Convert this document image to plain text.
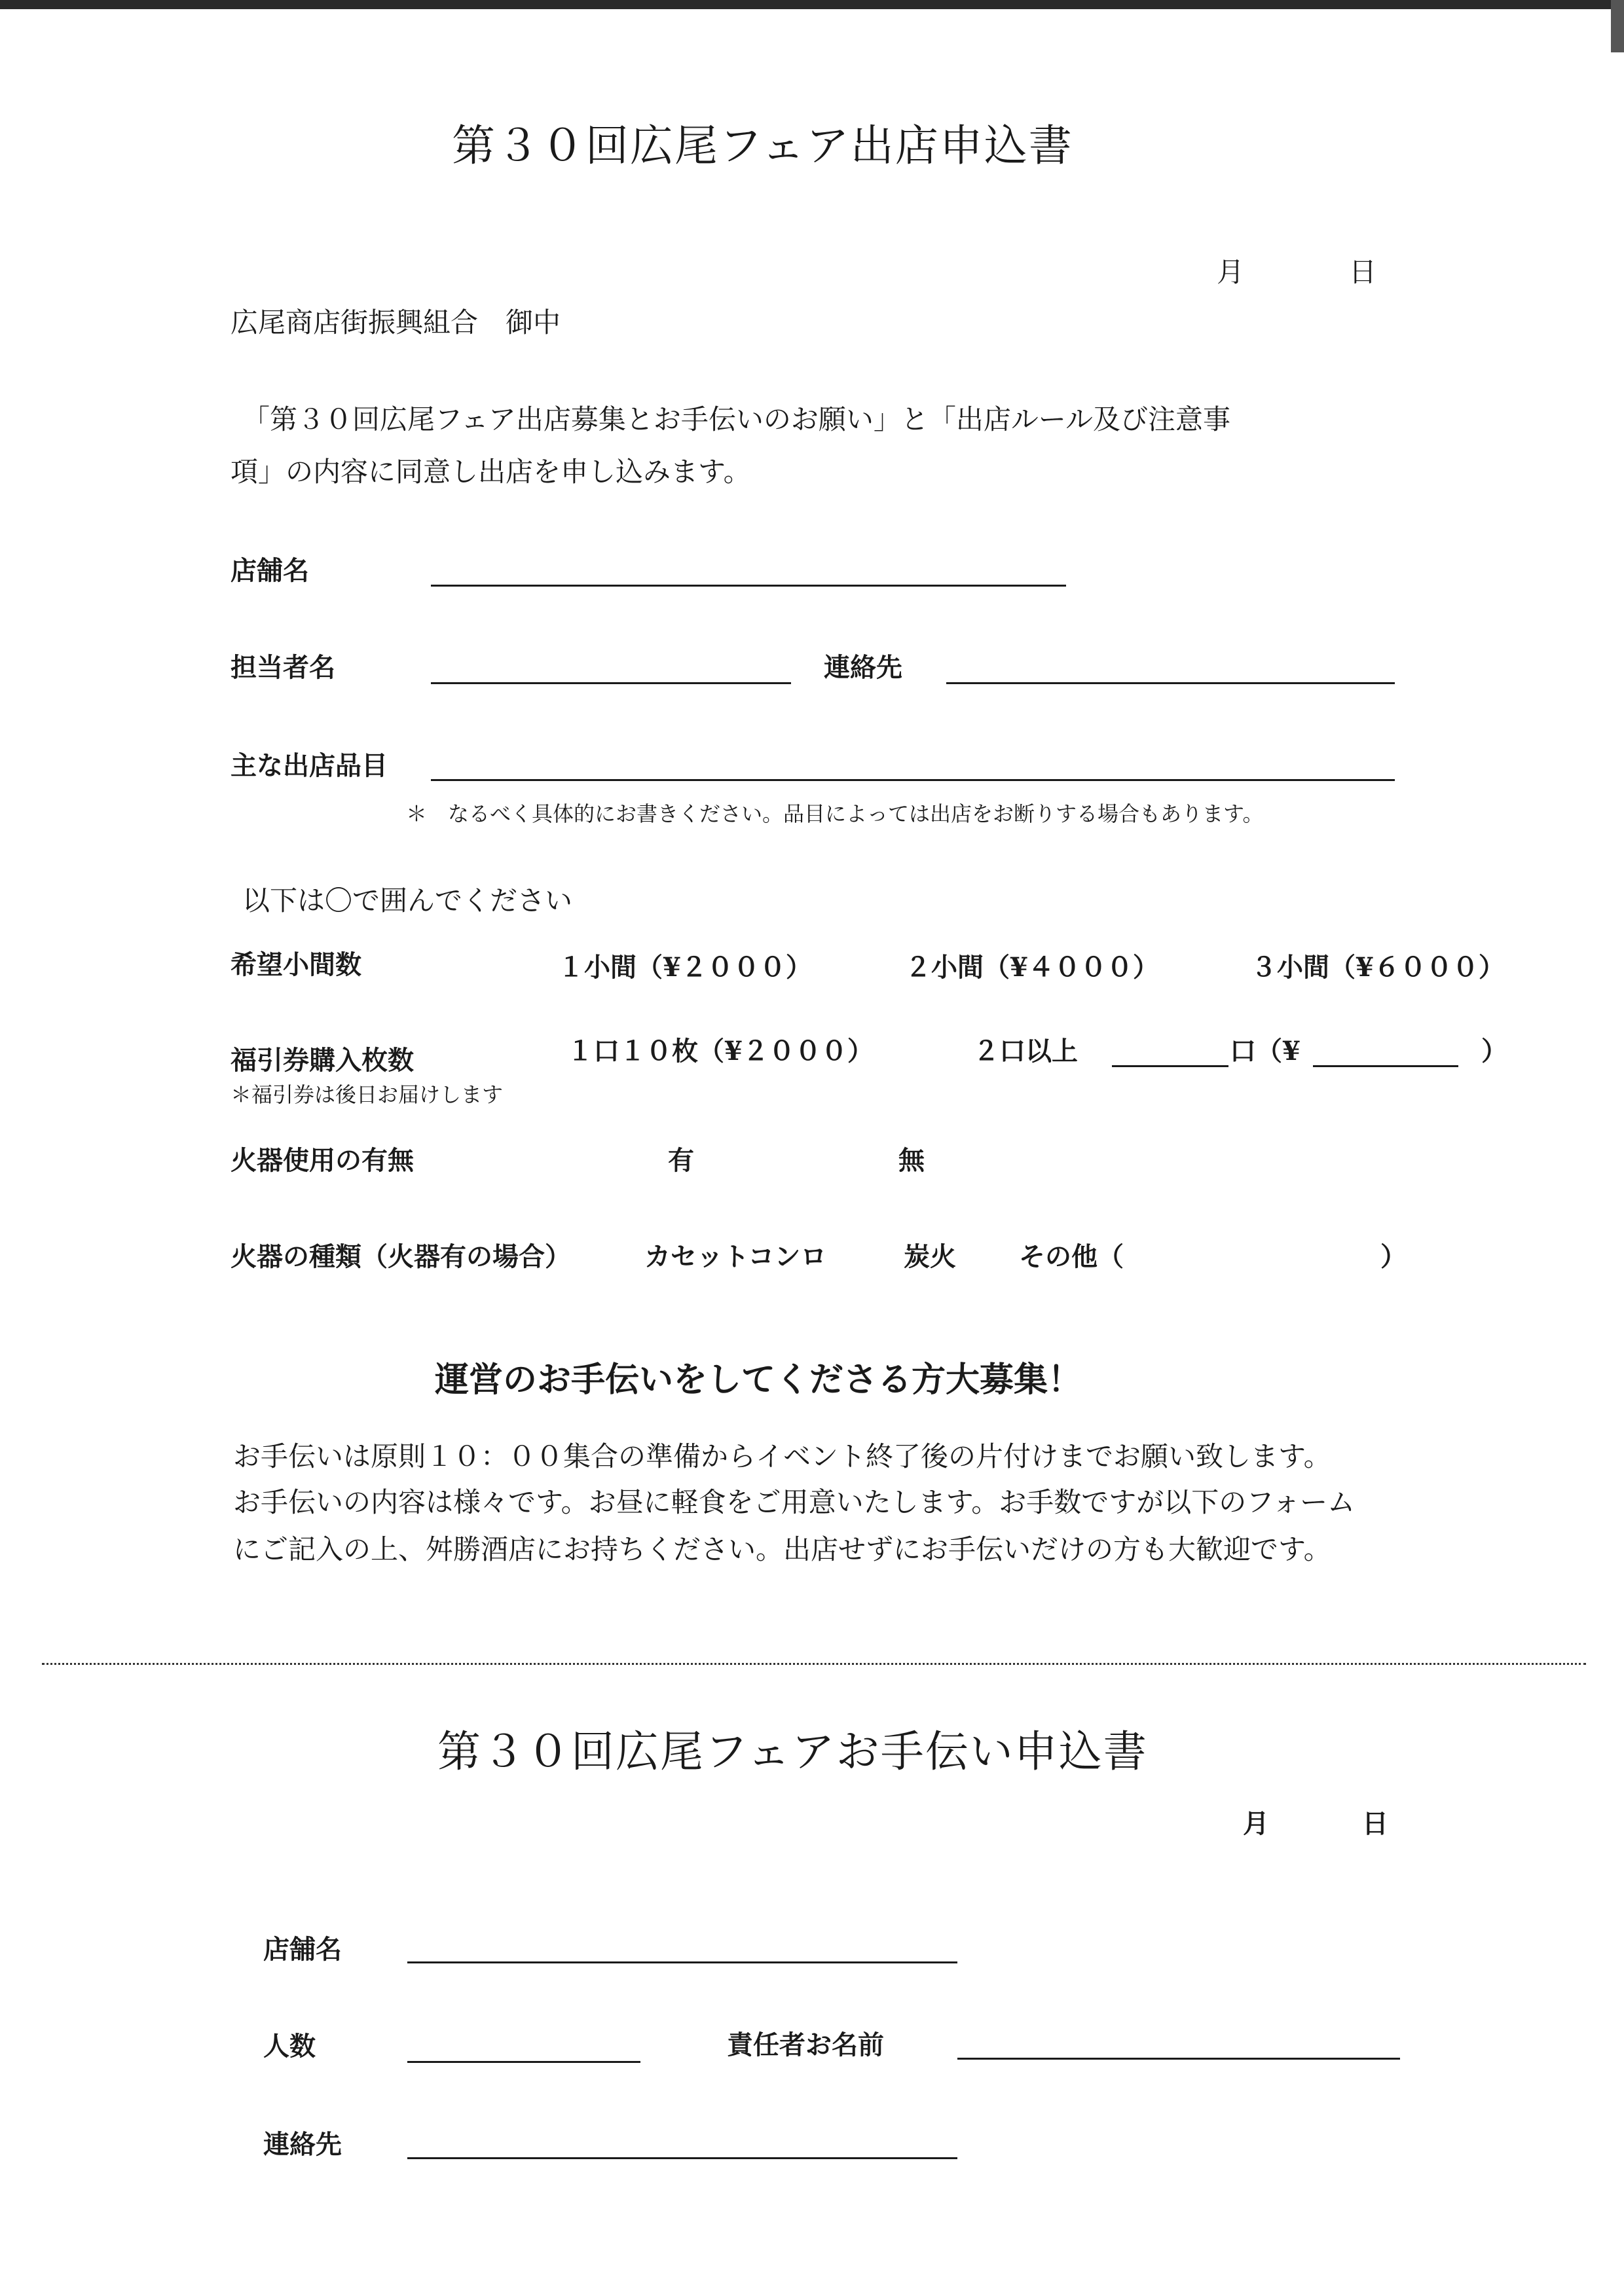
第３０回広尾フェア出店申込書
月	日
広尾商店街振興組合　御中
「第３０回広尾フェア出店募集とお手伝いのお願い」と「出店ルール及び注意事
項」の内容に同意し出店を申し込みます。
店舗名
担当者名	連絡先
主な出店品目
＊　なるべく具体的にお書きください。品目によっては出店をお断りする場合もあります。
以下は〇で囲んでください
希望小間数	１小間（¥２０００）	２小間（¥４０００）	３小間（¥６０００）
福引券購入枚数	１口１０枚（¥２０００）	２口以上	口（¥	）
＊福引券は後日お届けします
火器使用の有無	有	無
火器の種類（火器有の場合）	カセットコンロ	炭火 その他（	）
運営のお手伝いをしてくださる方大募集！
お手伝いは原則１０：００集合の準備からイベント終了後の片付けまでお願い致します。
お手伝いの内容は様々です。お昼に軽食をご用意いたします。お手数ですが以下のフォーム
にご記入の上、舛勝酒店にお持ちください。出店せずにお手伝いだけの方も大歓迎です。
第３０回広尾フェアお手伝い申込書
月	日
店舗名
人数	責任者お名前
連絡先
